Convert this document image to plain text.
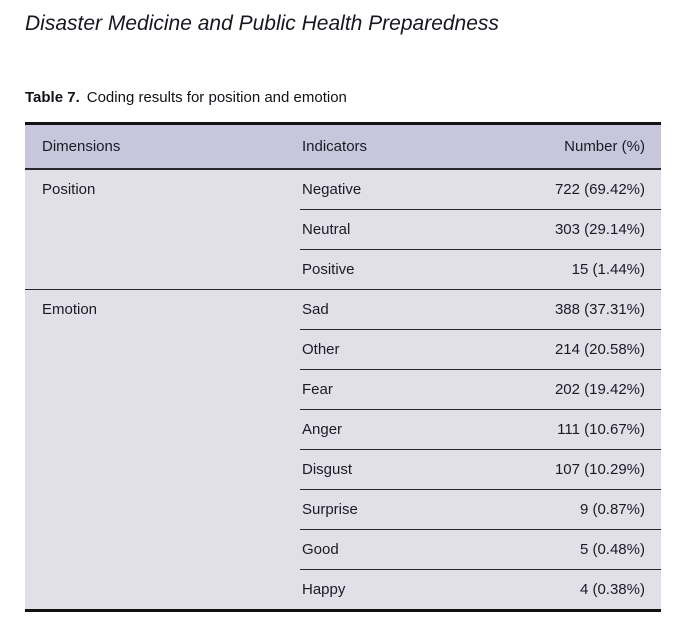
Disaster Medicine and Public Health Preparedness
Table 7. Coding results for position and emotion
Dimensions	Indicators	Number (%)
Position	Negative	722 (69.42%)
	Neutral	303 (29.14%)
	Positive	15 (1.44%)
Emotion	Sad	388 (37.31%)
	Other	214 (20.58%)
	Fear	202 (19.42%)
	Anger	111 (10.67%)
	Disgust	107 (10.29%)
	Surprise	9 (0.87%)
	Good	5 (0.48%)
	Happy	4 (0.38%)
